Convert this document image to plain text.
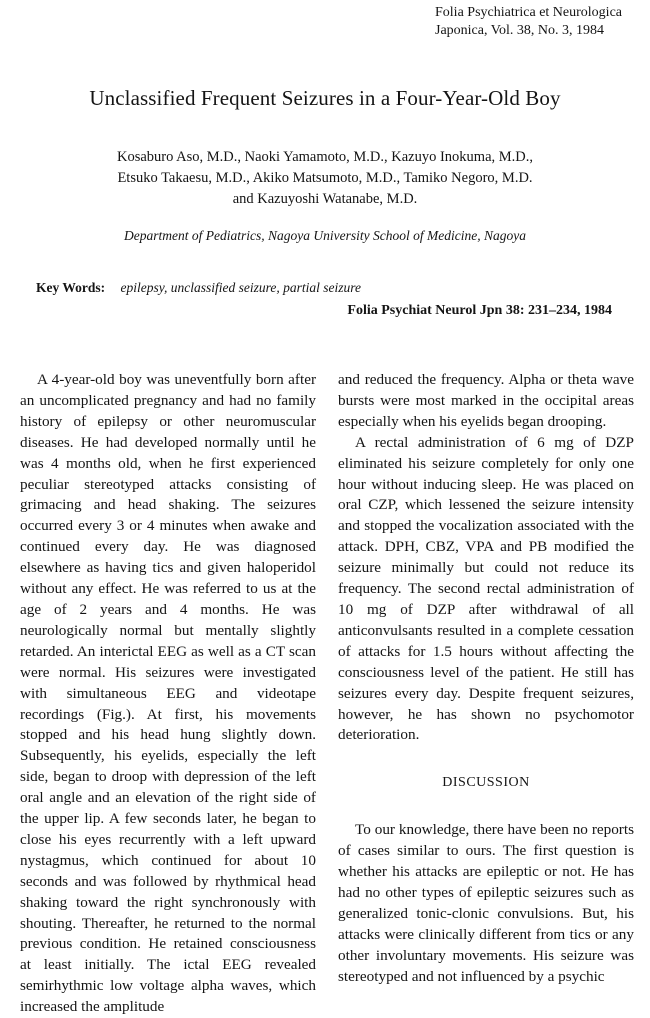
Folia Psychiatrica et Neurologica
Japonica, Vol. 38, No. 3, 1984
Unclassified Frequent Seizures in a Four-Year-Old Boy
Kosaburo Aso, M.D., Naoki Yamamoto, M.D., Kazuyo Inokuma, M.D.,
Etsuko Takaesu, M.D., Akiko Matsumoto, M.D., Tamiko Negoro, M.D.
and Kazuyoshi Watanabe, M.D.
Department of Pediatrics, Nagoya University School of Medicine, Nagoya
Key Words: epilepsy, unclassified seizure, partial seizure
Folia Psychiat Neurol Jpn 38: 231–234, 1984

A 4-year-old boy was uneventfully born after an uncomplicated pregnancy and had no family history of epilepsy or other neuromuscular diseases. He had developed normally until he was 4 months old, when he first experienced peculiar stereotyped attacks consisting of grimacing and head shaking. The seizures occurred every 3 or 4 minutes when awake and continued every day. He was diagnosed elsewhere as having tics and given haloperidol without any effect. He was referred to us at the age of 2 years and 4 months. He was neurologically normal but mentally slightly retarded. An interictal EEG as well as a CT scan were normal. His seizures were investigated with simultaneous EEG and videotape recordings (Fig.). At first, his movements stopped and his head hung slightly down. Subsequently, his eyelids, especially the left side, began to droop with depression of the left oral angle and an elevation of the right side of the upper lip. A few seconds later, he began to close his eyes recurrently with a left upward nystagmus, which continued for about 10 seconds and was followed by rhythmical head shaking toward the right synchronously with shouting. Thereafter, he returned to the normal previous condition. He retained consciousness at least initially. The ictal EEG revealed semirhythmic low voltage alpha waves, which increased the amplitude

and reduced the frequency. Alpha or theta wave bursts were most marked in the occipital areas especially when his eyelids began drooping.

A rectal administration of 6 mg of DZP eliminated his seizure completely for only one hour without inducing sleep. He was placed on oral CZP, which lessened the seizure intensity and stopped the vocalization associated with the attack. DPH, CBZ, VPA and PB modified the seizure minimally but could not reduce its frequency. The second rectal administration of 10 mg of DZP after withdrawal of all anticonvulsants resulted in a complete cessation of attacks for 1.5 hours without affecting the consciousness level of the patient. He still has seizures every day. Despite frequent seizures, however, he has shown no psychomotor deterioration.

DISCUSSION

To our knowledge, there have been no reports of cases similar to ours. The first question is whether his attacks are epileptic or not. He has had no other types of epileptic seizures such as generalized tonic-clonic convulsions. But, his attacks were clinically different from tics or any other involuntary movements. His seizure was stereotyped and not influenced by a psychic
